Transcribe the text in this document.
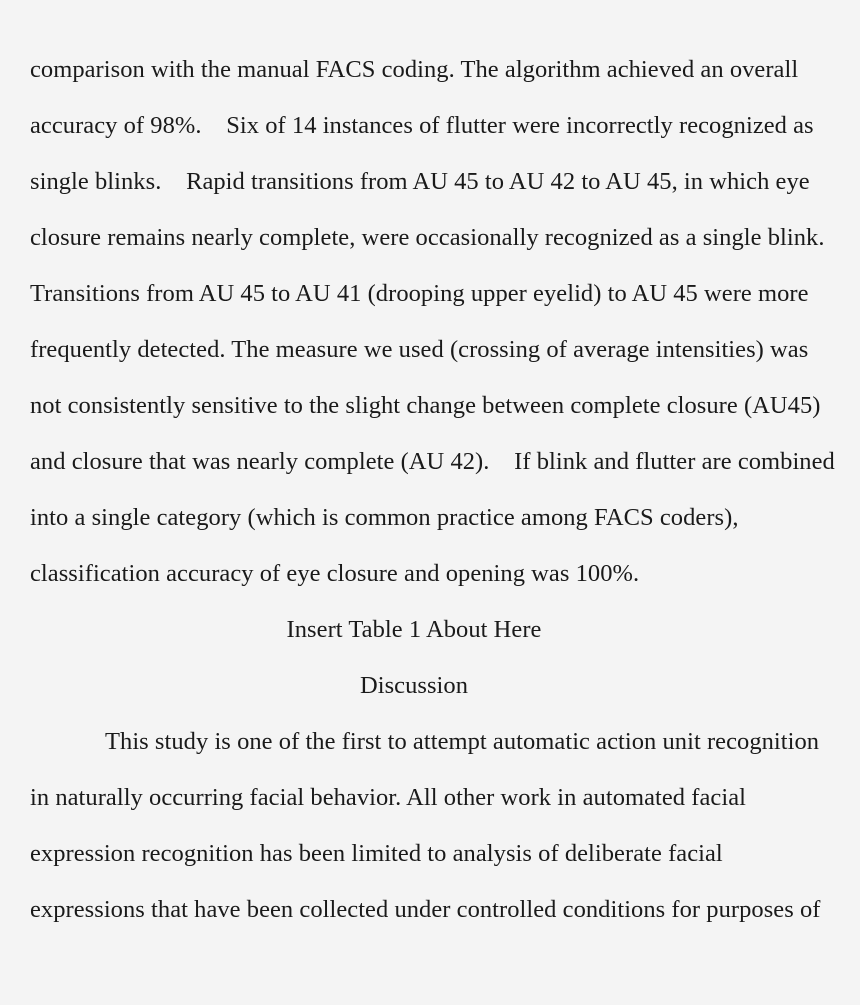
comparison with the manual FACS coding. The algorithm achieved an overall
accuracy of 98%.    Six of 14 instances of flutter were incorrectly recognized as
single blinks.    Rapid transitions from AU 45 to AU 42 to AU 45, in which eye
closure remains nearly complete, were occasionally recognized as a single blink.
Transitions from AU 45 to AU 41 (drooping upper eyelid) to AU 45 were more
frequently detected. The measure we used (crossing of average intensities) was
not consistently sensitive to the slight change between complete closure (AU45)
and closure that was nearly complete (AU 42).    If blink and flutter are combined
into a single category (which is common practice among FACS coders),
classification accuracy of eye closure and opening was 100%.
Insert Table 1 About Here
Discussion
This study is one of the first to attempt automatic action unit recognition
in naturally occurring facial behavior. All other work in automated facial
expression recognition has been limited to analysis of deliberate facial
expressions that have been collected under controlled conditions for purposes of
